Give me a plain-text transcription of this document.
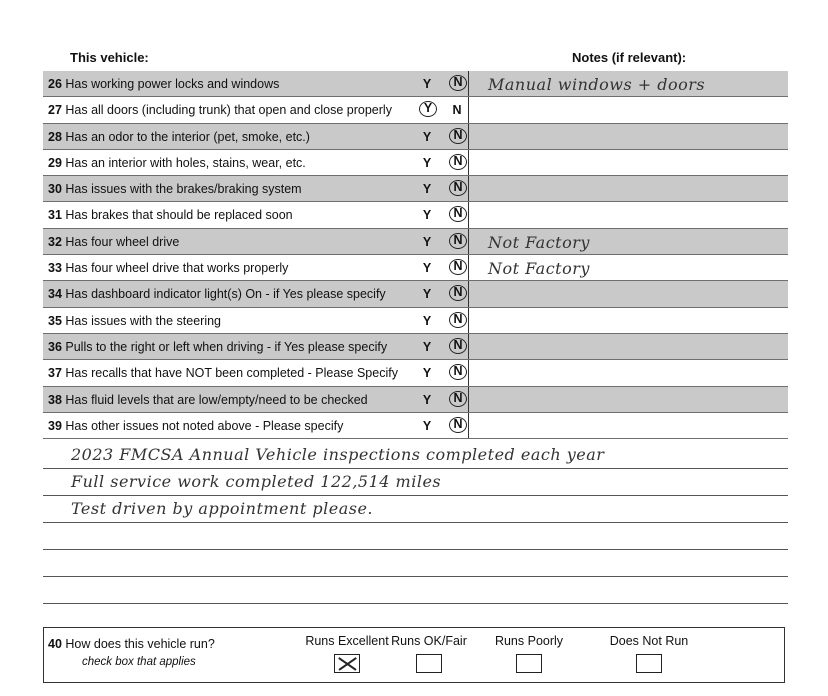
This vehicle:	Notes (if relevant):
26 Has working power locks and windows	Y	N Manual windows + doors
27 Has all doors (including trunk) that open and close properly	Y	N
28 Has an odor to the interior (pet, smoke, etc.)	Y	N
29 Has an interior with holes, stains, wear, etc.	Y	N
30 Has issues with the brakes/braking system	Y	N
31 Has brakes that should be replaced soon	Y	N
32 Has four wheel drive	Y	N Not Factory
33 Has four wheel drive that works properly	Y	N Not Factory
34 Has dashboard indicator light(s) On - if Yes please specify	Y	N
35 Has issues with the steering	Y	N
36 Pulls to the right or left when driving - if Yes please specify	Y	N
37 Has recalls that have NOT been completed - Please Specify	Y	N
38 Has fluid levels that are low/empty/need to be checked	Y	N
39 Has other issues not noted above - Please specify	Y	N
2023 FMCSA Annual Vehicle inspections completed each year
Full service work completed 122,514 miles
Test driven by appointment please.
40 How does this vehicle run?
check box that applies
Runs Excellent Runs OK/Fair	Runs Poorly	Does Not Run
